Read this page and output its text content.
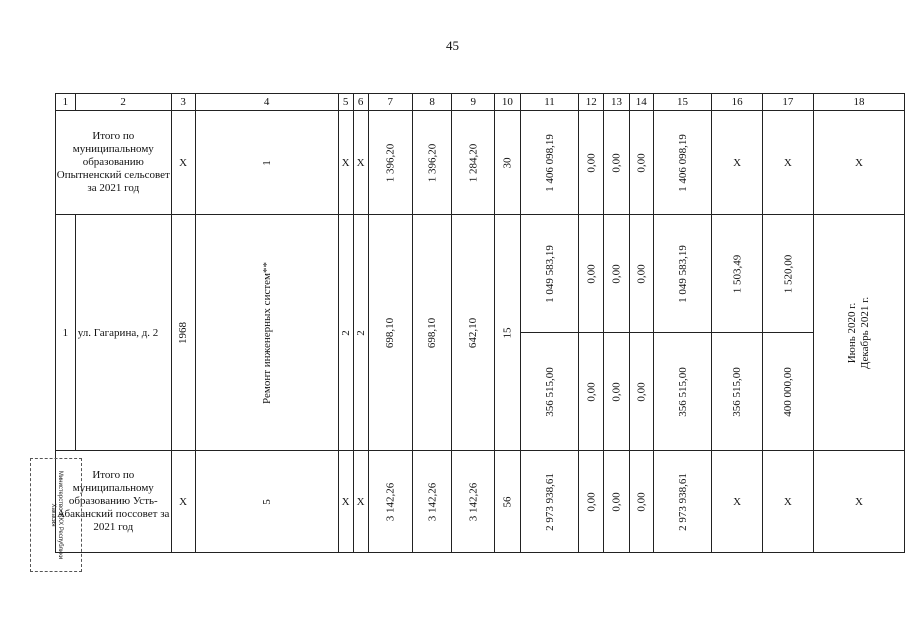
45
1	2	3	4	5	6	7	8	9	10	11	12	13	14	15	16	17	18
Итого по муниципальному образованию Опытненский сельсовет за 2021 год		X	1	X	X	1 396,20	1 396,20	1 284,20	30	1 406 098,19	0,00	0,00	0,00	1 406 098,19	X	X	X
1	ул. Гагарина, д. 2	1968	Ремонт инженерных систем**	2	2	698,10	698,10	642,10	15	1 049 583,19	0,00	0,00	0,00	1 049 583,19	1 503,49	1 520,00	Июнь 2020 г. Декабрь 2021 г.
										356 515,00	0,00	0,00	0,00	356 515,00	356 515,00	400 000,00	
Итого по муниципальному образованию Усть-Абаканский поссовет за 2021 год		X	5	X	X	3 142,26	3 142,26	3 142,26	56	2 973 938,61	0,00	0,00	0,00	2 973 938,61	X	X	X
Министерство ЖКХ Республики Хакасия
